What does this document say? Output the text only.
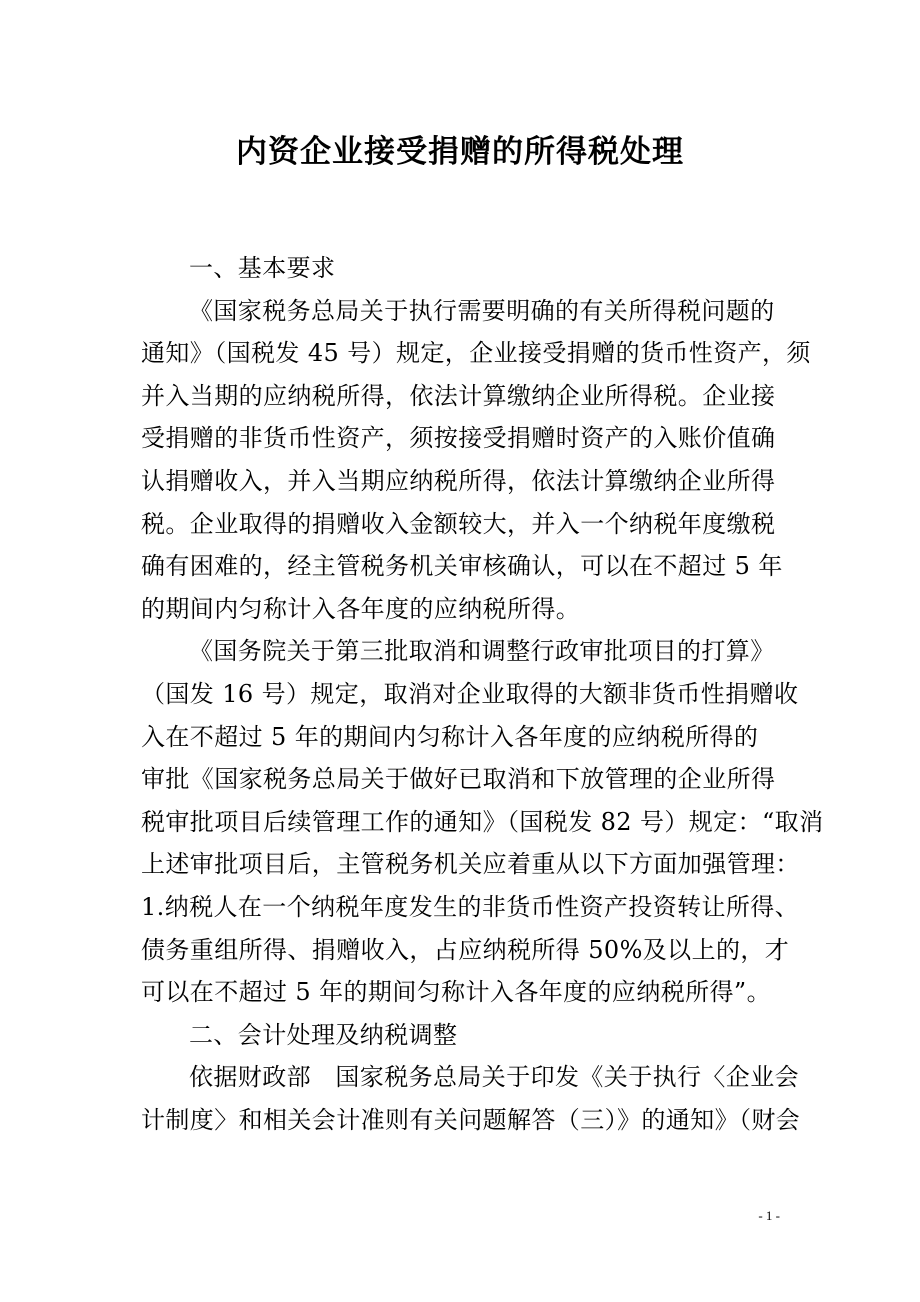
内资企业接受捐赠的所得税处理
一、基本要求
《国家税务总局关于执行需要明确的有关所得税问题的
通知》（国税发 45 号）规定，企业接受捐赠的货币性资产，须
并入当期的应纳税所得，依法计算缴纳企业所得税。企业接
受捐赠的非货币性资产，须按接受捐赠时资产的入账价值确
认捐赠收入，并入当期应纳税所得，依法计算缴纳企业所得
税。企业取得的捐赠收入金额较大，并入一个纳税年度缴税
确有困难的，经主管税务机关审核确认，可以在不超过 5 年
的期间内匀称计入各年度的应纳税所得。
《国务院关于第三批取消和调整行政审批项目的打算》
（国发 16 号）规定，取消对企业取得的大额非货币性捐赠收
入在不超过 5 年的期间内匀称计入各年度的应纳税所得的
审批《国家税务总局关于做好已取消和下放管理的企业所得
税审批项目后续管理工作的通知》（国税发 82 号）规定：“取消
上述审批项目后，主管税务机关应着重从以下方面加强管理：
1.纳税人在一个纳税年度发生的非货币性资产投资转让所得、
债务重组所得、捐赠收入，占应纳税所得 50%及以上的，才
可以在不超过 5 年的期间匀称计入各年度的应纳税所得”。
二、会计处理及纳税调整
依据财政部　国家税务总局关于印发《关于执行〈企业会
计制度〉和相关会计准则有关问题解答（三）》的通知》（财会
- 1 -
